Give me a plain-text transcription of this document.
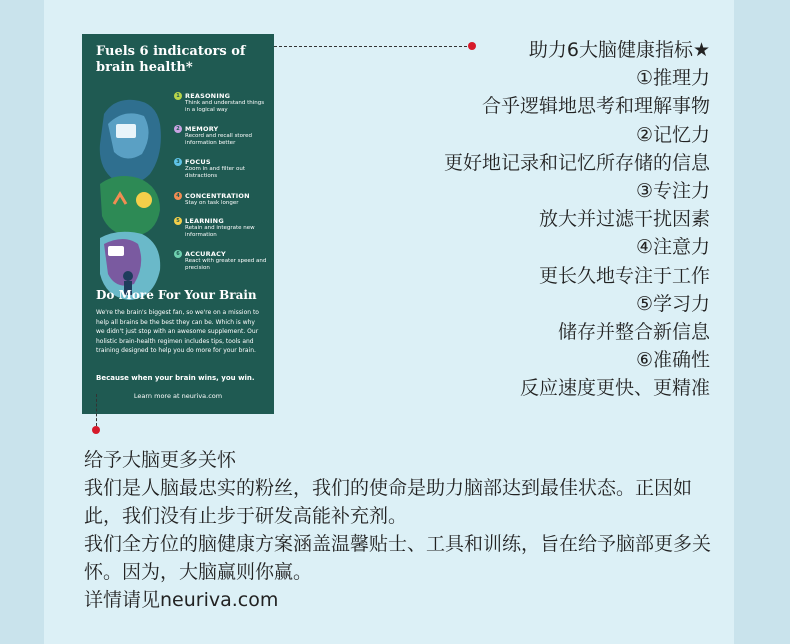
Fuels 6 indicators of
brain health*
1 REASONING
Think and understand things in a logical way
2 MEMORY
Record and recall stored information better
3 FOCUS
Zoom in and filter out distractions
4 CONCENTRATION
Stay on task longer
5 LEARNING
Retain and integrate new information
6 ACCURACY
React with greater speed and precision
Do More For Your Brain
We're the brain's biggest fan, so we're on a mission to help all brains be the best they can be. Which is why we didn't just stop with an awesome supplement. Our holistic brain-health regimen includes tips, tools and training designed to help you do more for your brain.
Because when your brain wins, you win.
Learn more at neuriva.com
助力6大脑健康指标★
①推理力
合乎逻辑地思考和理解事物
②记忆力
更好地记录和记忆所存储的信息
③专注力
放大并过滤干扰因素
④注意力
更长久地专注于工作
⑤学习力
储存并整合新信息
⑥准确性
反应速度更快、更精准

给予大脑更多关怀

我们是人脑最忠实的粉丝，我们的使命是助力脑部达到最佳状态。正因如此，我们没有止步于研发高能补充剂。

我们全方位的脑健康方案涵盖温馨贴士、工具和训练，旨在给予脑部更多关怀。因为，大脑赢则你赢。

详情请见neuriva.com
